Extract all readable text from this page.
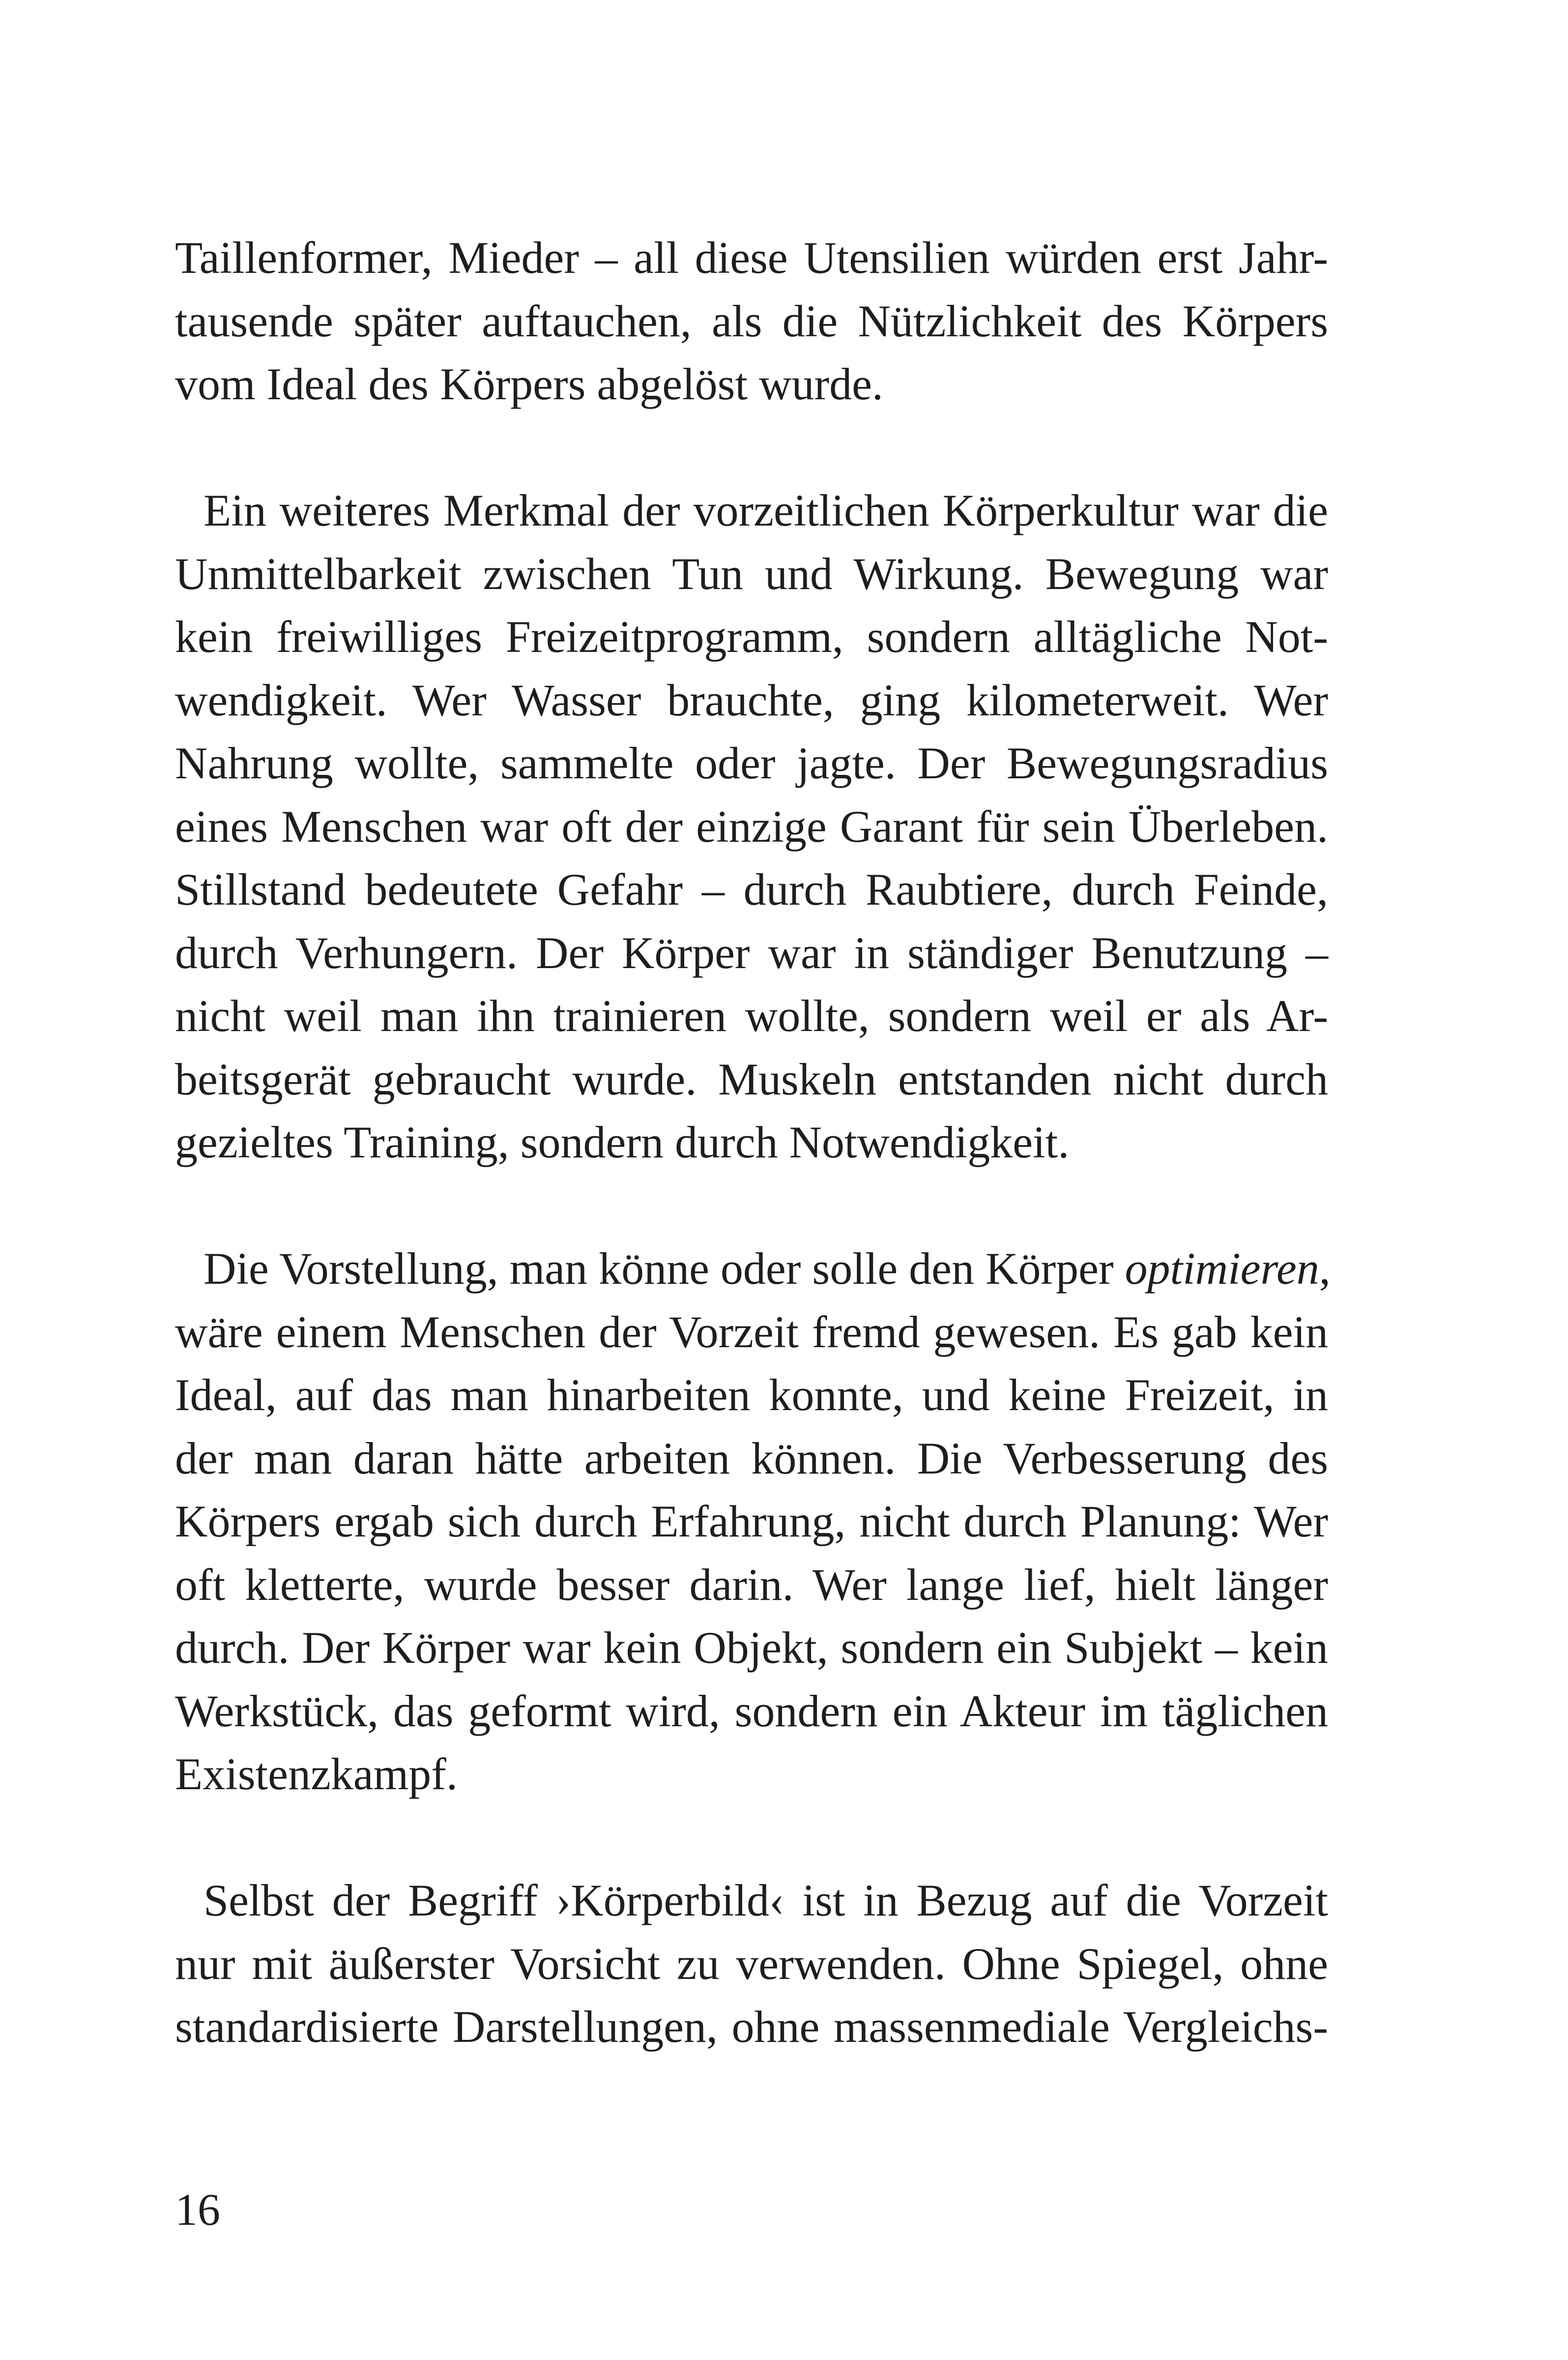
Taillenformer, Mieder – all diese Utensilien würden erst Jahr-
tausende später auftauchen, als die Nützlichkeit des Körpers
vom Ideal des Körpers abgelöst wurde.
Ein weiteres Merkmal der vorzeitlichen Körperkultur war die
Unmittelbarkeit zwischen Tun und Wirkung. Bewegung war
kein freiwilliges Freizeitprogramm, sondern alltägliche Not-
wendigkeit. Wer Wasser brauchte, ging kilometerweit. Wer
Nahrung wollte, sammelte oder jagte. Der Bewegungsradius
eines Menschen war oft der einzige Garant für sein Überleben.
Stillstand bedeutete Gefahr – durch Raubtiere, durch Feinde,
durch Verhungern. Der Körper war in ständiger Benutzung –
nicht weil man ihn trainieren wollte, sondern weil er als Ar-
beitsgerät gebraucht wurde. Muskeln entstanden nicht durch
gezieltes Training, sondern durch Notwendigkeit.
Die Vorstellung, man könne oder solle den Körper optimieren,
wäre einem Menschen der Vorzeit fremd gewesen. Es gab kein
Ideal, auf das man hinarbeiten konnte, und keine Freizeit, in
der man daran hätte arbeiten können. Die Verbesserung des
Körpers ergab sich durch Erfahrung, nicht durch Planung: Wer
oft kletterte, wurde besser darin. Wer lange lief, hielt länger
durch. Der Körper war kein Objekt, sondern ein Subjekt – kein
Werkstück, das geformt wird, sondern ein Akteur im täglichen
Existenzkampf.
Selbst der Begriff ›Körperbild‹ ist in Bezug auf die Vorzeit
nur mit äußerster Vorsicht zu verwenden. Ohne Spiegel, ohne
standardisierte Darstellungen, ohne massenmediale Vergleichs-
16
